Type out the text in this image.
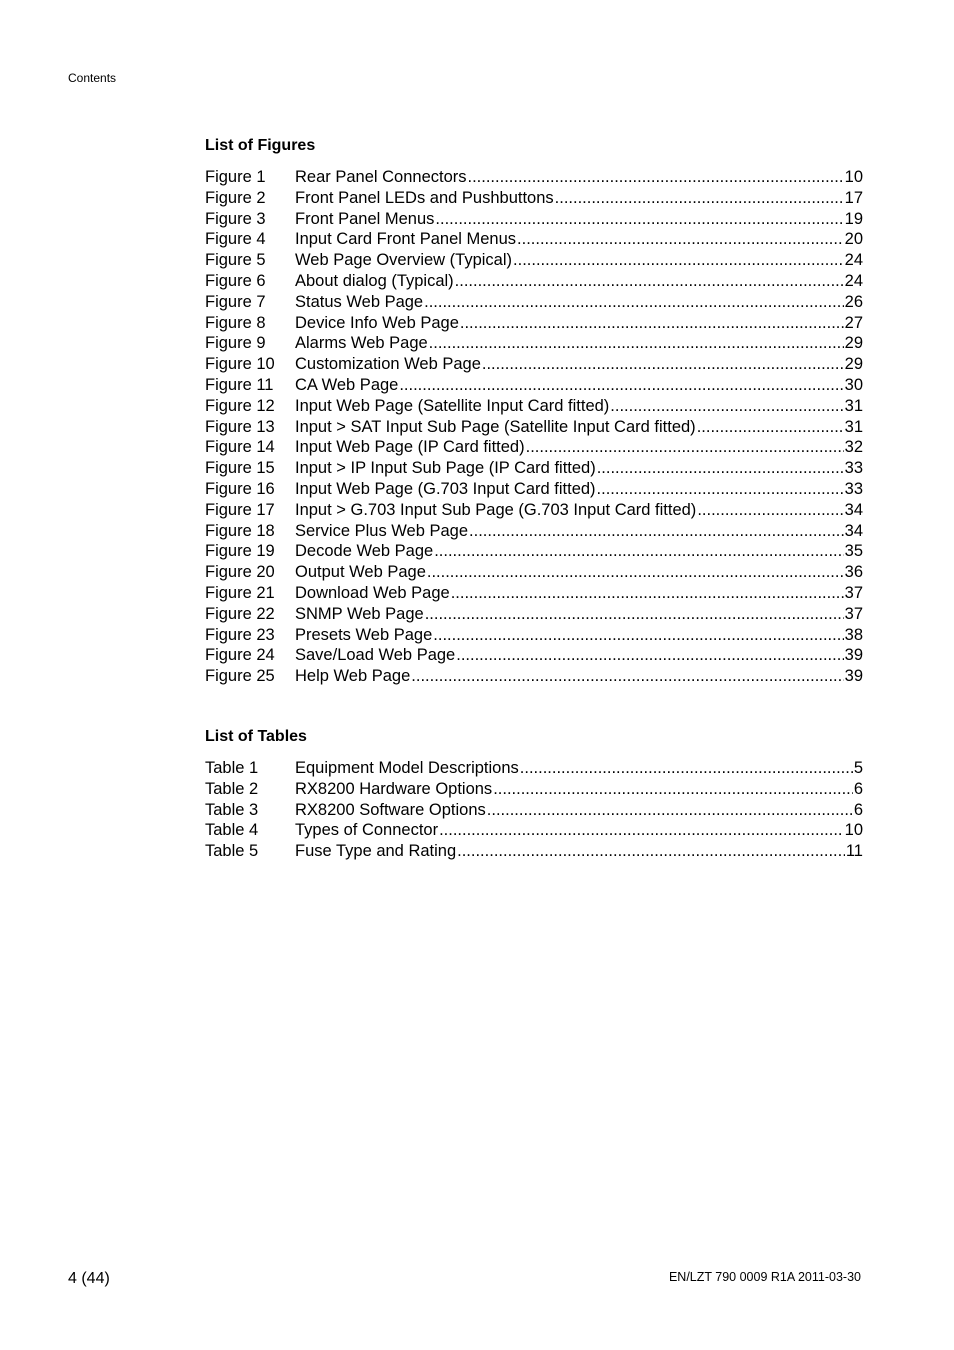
Contents
List of Figures
Figure 1	Rear Panel Connectors .....	10
Figure 2	Front Panel LEDs and Pushbuttons .....	17
Figure 3	Front Panel Menus .....	19
Figure 4	Input Card Front Panel Menus .....	20
Figure 5	Web Page Overview (Typical) .....	24
Figure 6	About dialog (Typical) .....	24
Figure 7	Status Web Page .....	26
Figure 8	Device Info Web Page .....	27
Figure 9	Alarms Web Page .....	29
Figure 10	Customization Web Page .....	29
Figure 11	CA Web Page .....	30
Figure 12	Input Web Page (Satellite Input Card fitted) .....	31
Figure 13	Input > SAT Input Sub Page (Satellite Input Card fitted) .....	31
Figure 14	Input Web Page (IP Card fitted) .....	32
Figure 15	Input > IP Input Sub Page (IP Card fitted) .....	33
Figure 16	Input Web Page (G.703 Input Card fitted) .....	33
Figure 17	Input > G.703 Input Sub Page (G.703 Input Card fitted) .....	34
Figure 18	Service Plus Web Page .....	34
Figure 19	Decode Web Page .....	35
Figure 20	Output Web Page .....	36
Figure 21	Download Web Page .....	37
Figure 22	SNMP Web Page .....	37
Figure 23	Presets Web Page .....	38
Figure 24	Save/Load Web Page .....	39
Figure 25	Help Web Page .....	39
List of Tables
Table 1	Equipment Model Descriptions .....	5
Table 2	RX8200 Hardware Options .....	6
Table 3	RX8200 Software Options .....	6
Table 4	Types of Connector .....	10
Table 5	Fuse Type and Rating .....	11
4 (44)	EN/LZT 790 0009 R1A 2011-03-30
